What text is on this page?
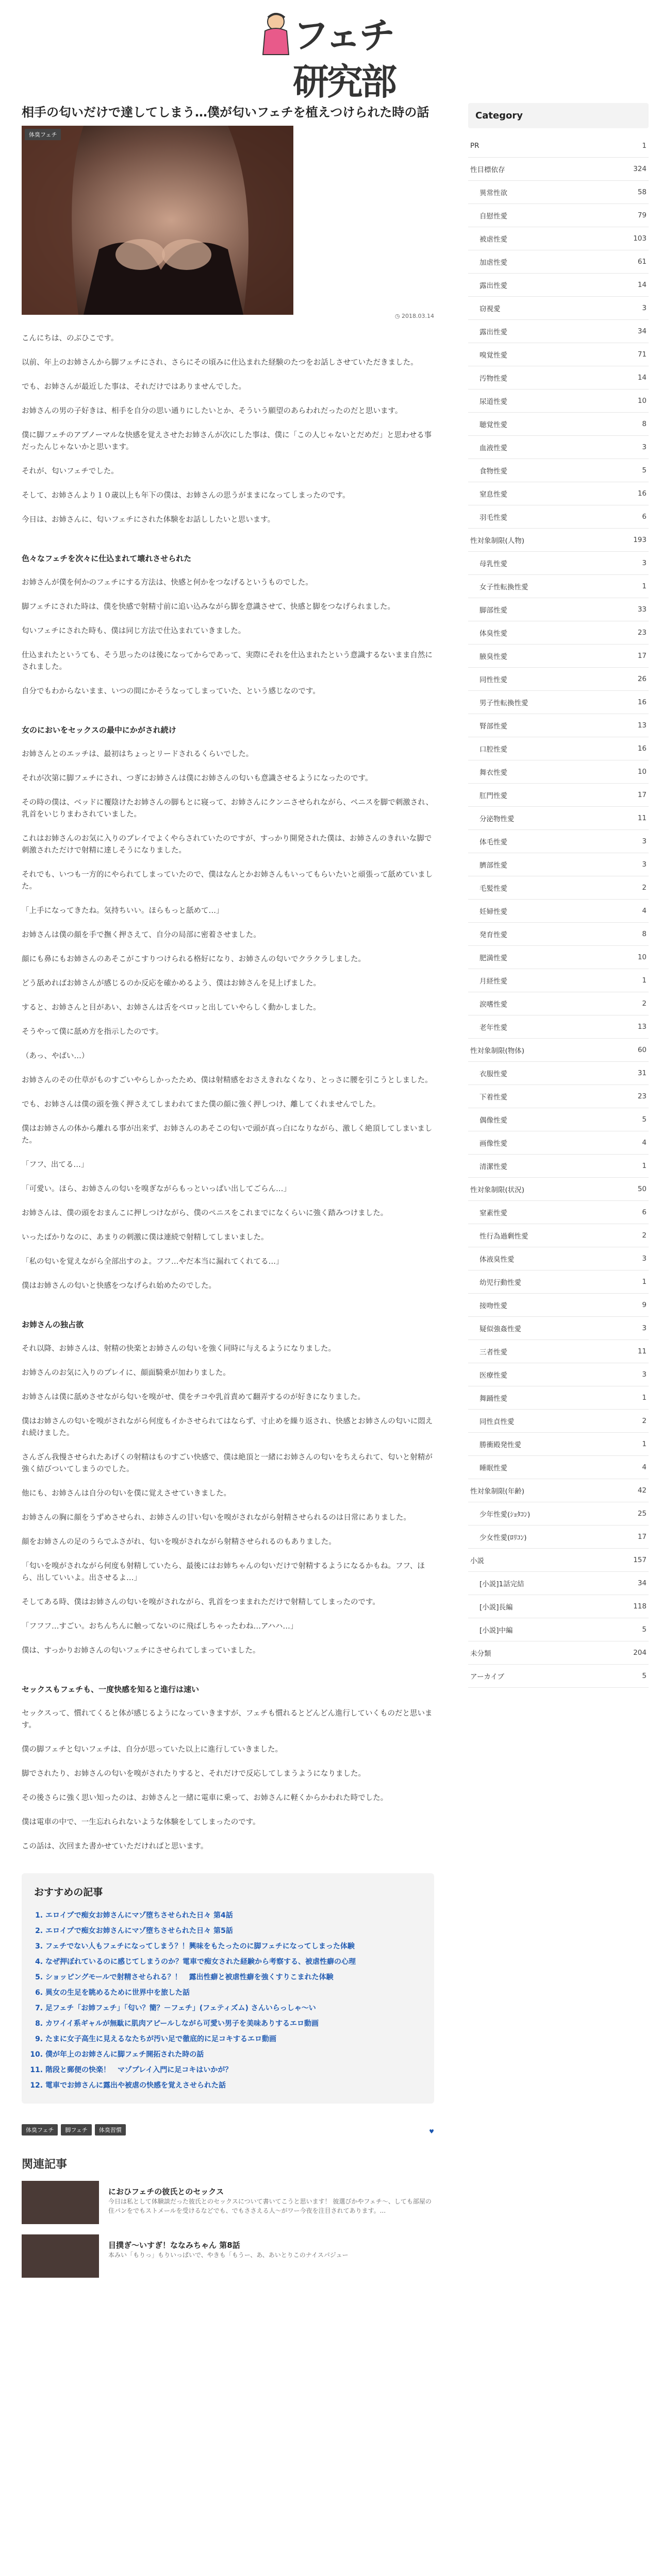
フェチ研究部
相手の匂いだけで達してしまう…僕が匂いフェチを植えつけられた時の話
体臭フェチ
◷ 2018.03.14

こんにちは、のぶひこです。

以前、年上のお姉さんから脚フェチにされ、さらにその頃みに仕込まれた経験のたつをお話しさせていただきました。

でも、お姉さんが最近した事は、それだけではありませんでした。

お姉さんの男の子好きは、相手を自分の思い通りにしたいとか、そういう願望のあらわれだったのだと思います。

僕に脚フェチのアブノーマルな快感を覚えさせたお姉さんが次にした事は、僕に「この人じゃないとだめだ」と思わせる事だったんじゃないかと思います。

それが、匂いフェチでした。

そして、お姉さんより１０歳以上も年下の僕は、お姉さんの思うがままになってしまったのです。

今日は、お姉さんに、匂いフェチにされた体験をお話ししたいと思います。

色々なフェチを次々に仕込まれて壊れさせられた

お姉さんが僕を何かのフェチにする方法は、快感と何かをつなげるというものでした。

脚フェチにされた時は、僕を快感で射精寸前に追い込みながら脚を意識させて、快感と脚をつなげられました。

匂いフェチにされた時も、僕は同じ方法で仕込まれていきました。

仕込まれたというても、そう思ったのは後になってからであって、実際にそれを仕込まれたという意識するないまま自然にされました。

自分でもわからないまま、いつの間にかそうなってしまっていた、という感じなのです。

女のにおいをセックスの最中にかがされ続け

お姉さんとのエッチは、最初はちょっとリードされるくらいでした。

それが次第に脚フェチにされ、つぎにお姉さんは僕にお姉さんの匂いも意識させるようになったのです。

その時の僕は、ベッドに覆陰けたお姉さんの脚もとに寝って、お姉さんにクンニさせられながら、ペニスを脚で刺激され、乳首をいじりまわされていました。

これはお姉さんのお気に入りのプレイでよくやらされていたのですが、すっかり開発された僕は、お姉さんのきれいな脚で刺激されただけで射精に達しそうになりました。

それでも、いつも一方的にやられてしまっていたので、僕はなんとかお姉さんもいってもらいたいと頑張って舐めていました。

「上手になってきたね。気持ちいい。ほらもっと舐めて…」

お姉さんは僕の顔を手で撫く押さえて、自分の局部に密着させました。

顔にも鼻にもお姉さんのあそこがこすりつけられる格好になり、お姉さんの匂いでクラクラしました。

どう舐めればお姉さんが感じるのか反応を確かめるよう、僕はお姉さんを見上げました。

すると、お姉さんと目があい、お姉さんは舌をペロッと出していやらしく動かしました。

そうやって僕に舐め方を指示したのです。

（あっ、やばい…）

お姉さんのその仕草がものすごいやらしかったため、僕は射精感をおさえきれなくなり、とっさに腰を引こうとしました。

でも、お姉さんは僕の頭を強く押さえてしまわれてまた僕の顔に強く押しつけ、離してくれませんでした。

僕はお姉さんの体から離れる事が出来ず、お姉さんのあそこの匂いで頭が真っ白になりながら、激しく絶頂してしまいました。

「フフ、出てる…」

「可愛い。ほら、お姉さんの匂いを嗅ぎながらもっといっぱい出してごらん…」

お姉さんは、僕の頭をおまんこに押しつけながら、僕のペニスをこれまでになくらいに強く踏みつけました。

いったばかりなのに、あまりの刺激に僕は連続で射精してしまいました。

「私の匂いを覚えながら全部出すのよ。フフ…やだ本当に漏れてくれてる…」

僕はお姉さんの匂いと快感をつなげられ始めたのでした。

お姉さんの独占欲

それ以降、お姉さんは、射精の快楽とお姉さんの匂いを強く同時に与えるようになりました。

お姉さんのお気に入りのプレイに、顔面騎乗が加わりました。

お姉さんは僕に舐めさせながら匂いを嗅がせ、僕をチコや乳首責めて翻弄するのが好きになりました。

僕はお姉さんの匂いを嗅がされながら何度もイかさせられてはならず、寸止めを繰り返され、快感とお姉さんの匂いに悶えれ続けました。

さんざん我慢させられたあげくの射精はものすごい快感で、僕は絶頂と一緒にお姉さんの匂いをちえられて、匂いと射精が強く結びついてしまうのでした。

他にも、お姉さんは自分の匂いを僕に覚えさせていきました。

お姉さんの胸に顔をうずめさせられ、お姉さんの甘い匂いを嗅がされながら射精させられるのは日常にありました。

顔をお姉さんの足のうらでふさがれ、匂いを嗅がされながら射精させられるのもありました。

「匂いを嗅がされながら何度も射精していたら、最後にはお姉ちゃんの匂いだけで射精するようになるかもね。フフ、ほら、出していいよ。出させるよ…」

そしてある時、僕はお姉さんの匂いを嗅がされながら、乳首をつままれただけで射精してしまったのです。

「フフフ…すごい。おちんちんに触ってないのに飛ばしちゃったわね…アハハ…」

僕は、すっかりお姉さんの匂いフェチにさせられてしまっていました。

セックスもフェチも、一度快感を知ると進行は速い

セックスって、慣れてくると体が感じるようになっていきますが、フェチも慣れるとどんどん進行していくものだと思います。

僕の脚フェチと匂いフェチは、自分が思っていた以上に進行していきました。

脚でされたり、お姉さんの匂いを嗅がされたりすると、それだけで反応してしまうようになりました。

その後さらに強く思い知ったのは、お姉さんと一緒に電車に乗って、お姉さんに軽くからかわれた時でした。

僕は電車の中で、一生忘れられないような体験をしてしまったのです。

この話は、次回また書かせていただければと思います。

おすすめの記事
1. エロイプで痴女お姉さんにマゾ堕ちさせられた日々 第4話
2. エロイプで痴女お姉さんにマゾ堕ちさせられた日々 第5話
3. フェチでない人もフェチになってしまう？！興味をもたったのに脚フェチになってしまった体験
4. なぜ押ぼれているのに感じてしまうのか？電車で痴女された経験から考察する、被虐性癖の心理
5. ショッピングモールで射精させられる？！　露出性癖と被虐性癖を強くすりこまれた体験
6. 異女の生足を眺めるために世界中を旅した話
7. 足フェチ「お姉フェチ」「匂い？簡？－フェチ」(フェティズム) さんいらっしゃ～い
8. カワイイ系ギャルが無駄に肌肉アピールしながら可愛い男子を美味ありするエロ動画
9. たまに女子高生に見えるなたちが汚い足で徹底的に足コキするエロ動画
10. 僕が年上のお姉さんに脚フェチ開拓された時の話
11. 階段と郵便の快楽！　マゾプレイ入門に足コキはいかが？
12. 電車でお姉さんに露出や被虐の快感を覚えさせられた話
体臭フェチ	脚フェチ	体臭習慣	♥
関連記事
におひフェチの彼氏とのセックス
今日は私として体験談だった彼氏とのセックスについて書いてこうと思います！ 彼選びかやフェチ〜、しても部屋の住パンをでもストメールを受けるなどでも、でもささえる人〜がワー今夜を注目されてあります。...
目撲ぎ〜いすぎ！ななみちゃん 第8話
本みい「もりっ」もりいっぱいで、やきも「もうー、あ、あいとりこのナイスパジュー
Category
PR	1
性目標依存	324
異常性欲	58
自慰性愛	79
被虐性愛	103
加虐性愛	61
露出性愛	14
窃視愛	3
露出性愛	34
嗅覚性愛	71
汚物性愛	14
尿道性愛	10
聴覚性愛	8
血液性愛	3
食物性愛	5
窒息性愛	16
羽毛性愛	6
性対象制限(人物)	193
母乳性愛	3
女子性転換性愛	1
脚部性愛	33
体臭性愛	23
腋臭性愛	17
同性性愛	26
男子性転換性愛	16
腎部性愛	13
口腔性愛	16
舞衣性愛	10
肛門性愛	17
分泌物性愛	11
体毛性愛	3
臍部性愛	3
毛髪性愛	2
妊婦性愛	4
発育性愛	8
肥満性愛	10
月経性愛	1
涙嗜性愛	2
老年性愛	13
性対象制限(物体)	60
衣服性愛	31
下着性愛	23
偶像性愛	5
画像性愛	4
清潔性愛	1
性対象制限(状況)	50
窒素性愛	6
性行為過剰性愛	2
体液臭性愛	3
幼児行動性愛	1
接吻性愛	9
疑似強姦性愛	3
三者性愛	11
医療性愛	3
舞踊性愛	1
同性貞性愛	2
勝衝殿発性愛	1
睡眠性愛	4
性対象制限(年齢)	42
少年性愛(ｼｮﾀｺﾝ)	25
少女性愛(ﾛﾘｺﾝ)	17
小説	157
[小説]1話完結	34
[小説]長編	118
[小説]中編	5
未分類	204
アーカイブ	5
